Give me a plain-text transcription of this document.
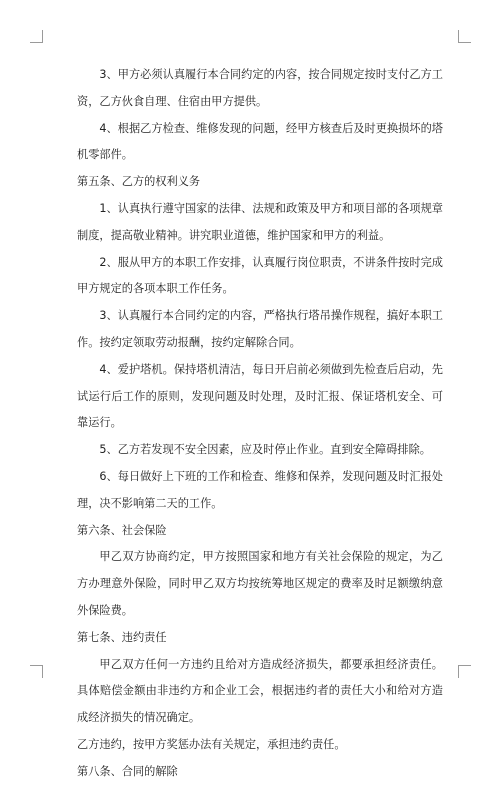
3、甲方必须认真履行本合同约定的内容，按合同规定按时支付乙方工资，乙方伙食自理、住宿由甲方提供。

4、根据乙方检查、维修发现的问题，经甲方核查后及时更换损坏的塔机零部件。

第五条、乙方的权利义务

1、认真执行遵守国家的法律、法规和政策及甲方和项目部的各项规章制度，提高敬业精神。讲究职业道德，维护国家和甲方的利益。

2、服从甲方的本职工作安排，认真履行岗位职责，不讲条件按时完成甲方规定的各项本职工作任务。

3、认真履行本合同约定的内容，严格执行塔吊操作规程，搞好本职工作。按约定领取劳动报酬，按约定解除合同。

4、爱护塔机。保持塔机清洁，每日开启前必须做到先检查后启动，先试运行后工作的原则，发现问题及时处理，及时汇报、保证塔机安全、可靠运行。

5、乙方若发现不安全因素，应及时停止作业。直到安全障碍排除。

6、每日做好上下班的工作和检查、维修和保养，发现问题及时汇报处理，决不影响第二天的工作。

第六条、社会保险

甲乙双方协商约定，甲方按照国家和地方有关社会保险的规定，为乙方办理意外保险，同时甲乙双方均按统筹地区规定的费率及时足额缴纳意外保险费。

第七条、违约责任

甲乙双方任何一方违约且给对方造成经济损失，都要承担经济责任。具体赔偿金额由非违约方和企业工会，根据违约者的责任大小和给对方造成经济损失的情况确定。

乙方违约，按甲方奖惩办法有关规定，承担违约责任。

第八条、合同的解除
